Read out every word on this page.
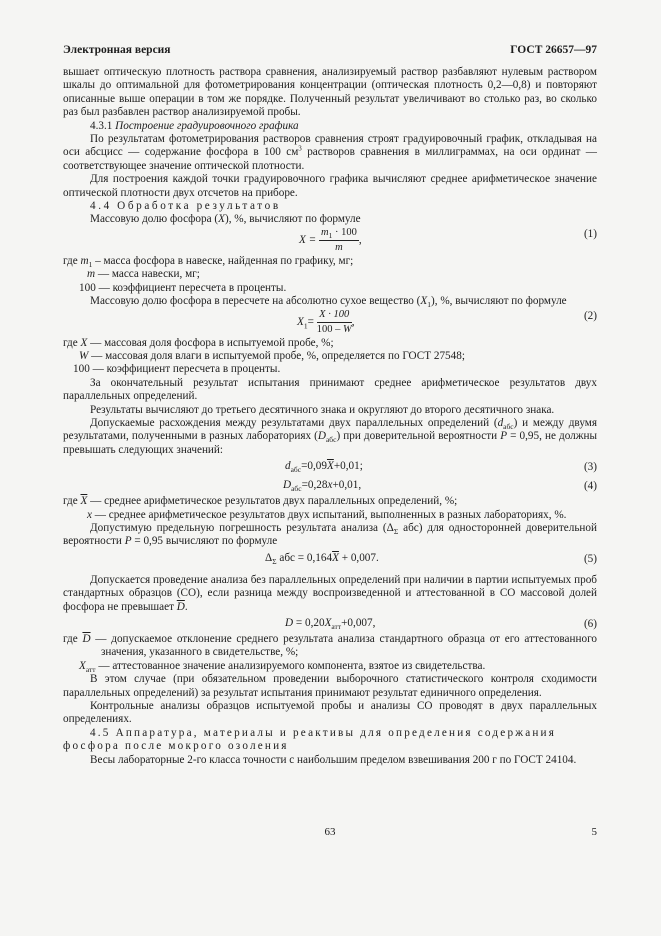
Электронная версия	ГОСТ 26657—97

вышает оптическую плотность раствора сравнения, анализируемый раствор разбавляют нулевым раствором шкалы до оптимальной для фотометрирования концентрации (оптическая плотность 0,2—0,8) и повторяют описанные выше операции в том же порядке. Полученный результат увеличивают во столько раз, во сколько раз был разбавлен раствор анализируемой пробы.

4.3.1 Построение градуировочного графика

По результатам фотометрирования растворов сравнения строят градуировочный график, откладывая на оси абсцисс — содержание фосфора в 100 $см^3$ растворов сравнения в миллиграммах, на оси ординат — соответствующее значение оптической плотности.

Для построения каждой точки градуировочного графика вычисляют среднее арифметическое значение оптической плотности двух отсчетов на приборе.

4.4 Обработка результатов

Массовую долю фосфора (X), %, вычисляют по формуле

$X = \frac{m_1 \cdot 100}{m}$ ,
(1)

где $m_1$ – масса фосфора в навеске, найденная по графику, мг;

m — масса навески, мг;

100 — коэффициент пересчета в проценты.

Массовую долю фосфора в пересчете на абсолютно сухое вещество $(X_1)$, %, вычисляют по формуле

$X_1= \frac{X \cdot 100}{100 - W}$ ,
(2)

где X — массовая доля фосфора в испытуемой пробе, %;

W — массовая доля влаги в испытуемой пробе, %, определяется по ГОСТ 27548;

100 — коэффициент пересчета в проценты.

За окончательный результат испытания принимают среднее арифметическое результатов двух параллельных определений.

Результаты вычисляют до третьего десятичного знака и округляют до второго десятичного знака.

Допускаемые расхождения между результатами двух параллельных определений $(d_{абс})$ и между двумя результатами, полученными в разных лабораториях $(D_{абс})$ при доверительной вероятности P = 0,95, не должны превышать следующих значений:

$d_{абс}=0,09\overline{X}+0,01$;	(3)
$D_{абс}=0,28x+0,01$,	(4)

где $\overline{X}$ — среднее арифметическое результатов двух параллельных определений, %;

x — среднее арифметическое результатов двух испытаний, выполненных в разных лабораториях, %.

Допустимую предельную погрешность результата анализа ($\Delta_\Sigma$ абс) для односторонней доверительной вероятности P = 0,95 вычисляют по формуле

$\Delta_\Sigma$ абс = $0,164\overline{X} + 0,007$.	(5)

Допускается проведение анализа без параллельных определений при наличии в партии испытуемых проб стандартных образцов (СО), если разница между воспроизведенной и аттестованной в СО массовой долей фосфора не превышает $\overline{D}$.

$D = 0,20X_{атт}+0,007$,	(6)

где $\overline{D}$ — допускаемое отклонение среднего результата анализа стандартного образца от его аттестованного значения, указанного в свидетельстве, %;

$X_{атт}$ — аттестованное значение анализируемого компонента, взятое из свидетельства.

В этом случае (при обязательном проведении выборочного статистического контроля сходимости параллельных определений) за результат испытания принимают результат единичного определения.

Контрольные анализы образцов испытуемой пробы и анализы СО проводят в двух параллельных определениях.

4.5 Аппаратура, материалы и реактивы для определения содержания

фосфора после мокрого озоления

Весы лабораторные 2-го класса точности с наибольшим пределом взвешивания 200 г по ГОСТ 24104.

63	5
